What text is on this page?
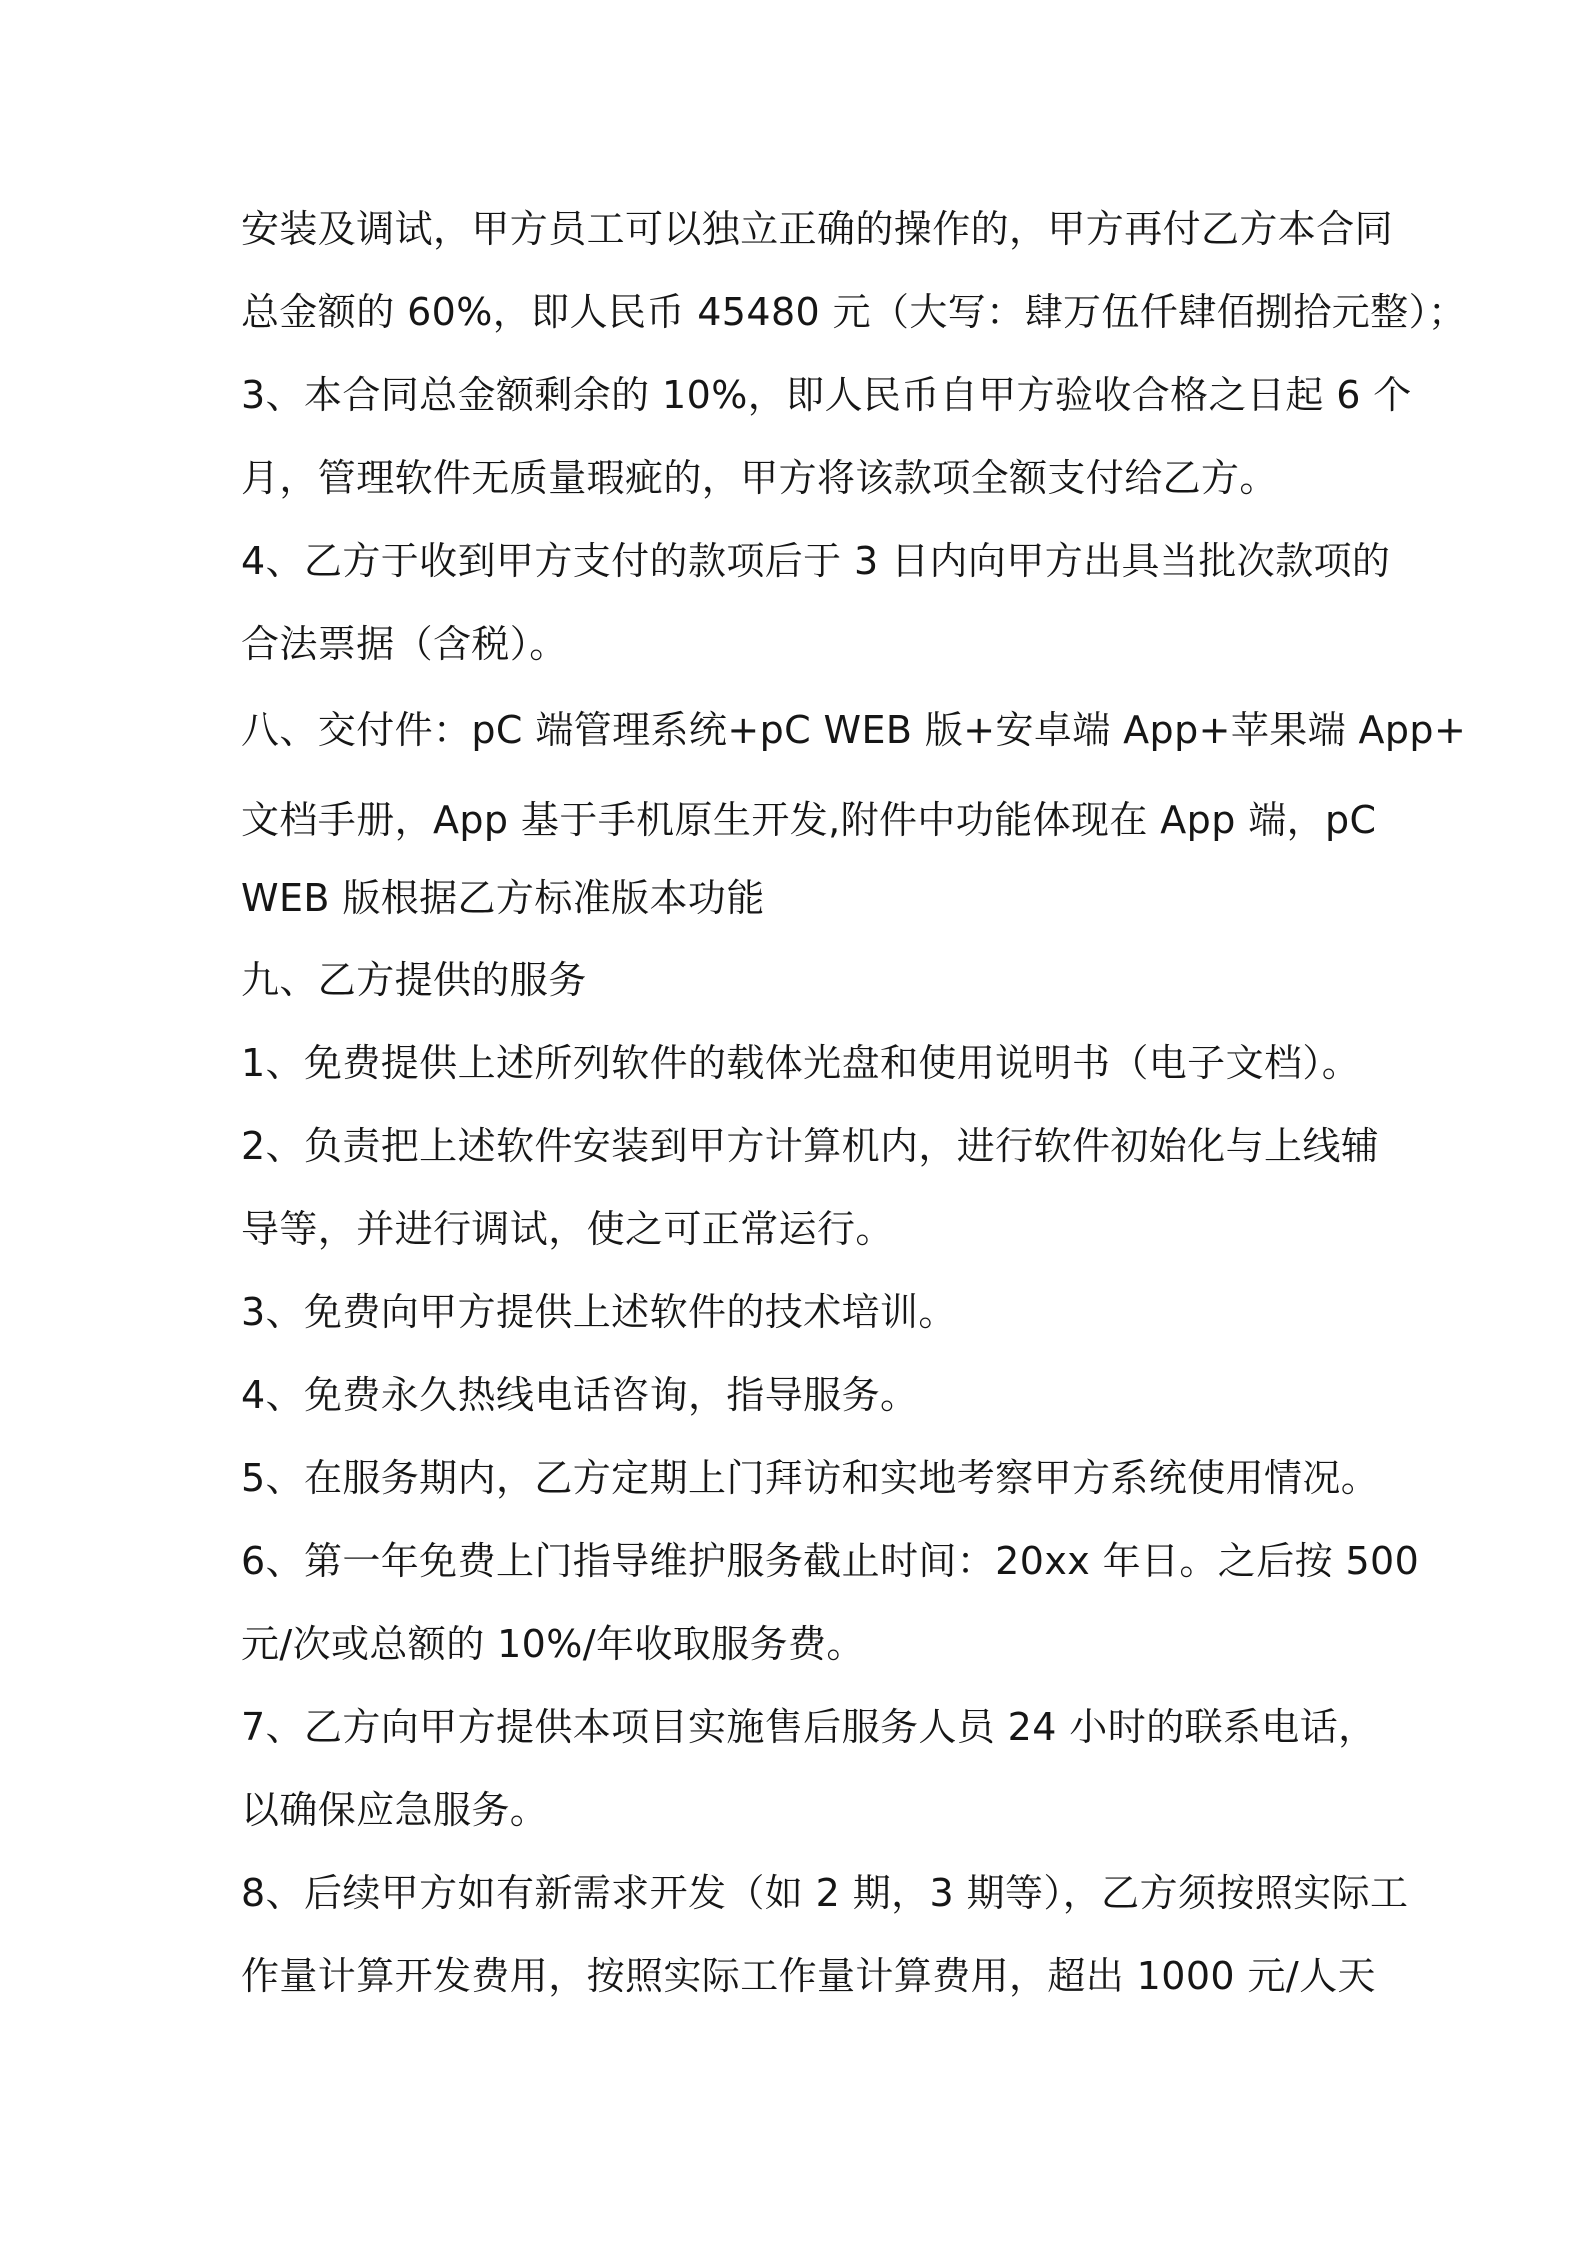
安装及调试，甲方员工可以独立正确的操作的，甲方再付乙方本合同
总金额的 60%，即人民币 45480 元（大写：肆万伍仟肆佰捌拾元整）；
3、本合同总金额剩余的 10%，即人民币自甲方验收合格之日起 6 个
月，管理软件无质量瑕疵的，甲方将该款项全额支付给乙方。
4、乙方于收到甲方支付的款项后于 3 日内向甲方出具当批次款项的
合法票据（含税）。
八、交付件：pC 端管理系统+pC WEB 版+安卓端 App+苹果端 App+
文档手册，App 基于手机原生开发,附件中功能体现在 App 端，pC
WEB 版根据乙方标准版本功能
九、乙方提供的服务
1、免费提供上述所列软件的载体光盘和使用说明书（电子文档）。
2、负责把上述软件安装到甲方计算机内，进行软件初始化与上线辅
导等，并进行调试，使之可正常运行。
3、免费向甲方提供上述软件的技术培训。
4、免费永久热线电话咨询，指导服务。
5、在服务期内，乙方定期上门拜访和实地考察甲方系统使用情况。
6、第一年免费上门指导维护服务截止时间：20xx 年日。之后按 500
元/次或总额的 10%/年收取服务费。
7、乙方向甲方提供本项目实施售后服务人员 24 小时的联系电话，
以确保应急服务。
8、后续甲方如有新需求开发（如 2 期，3 期等），乙方须按照实际工
作量计算开发费用，按照实际工作量计算费用，超出 1000 元/人天
